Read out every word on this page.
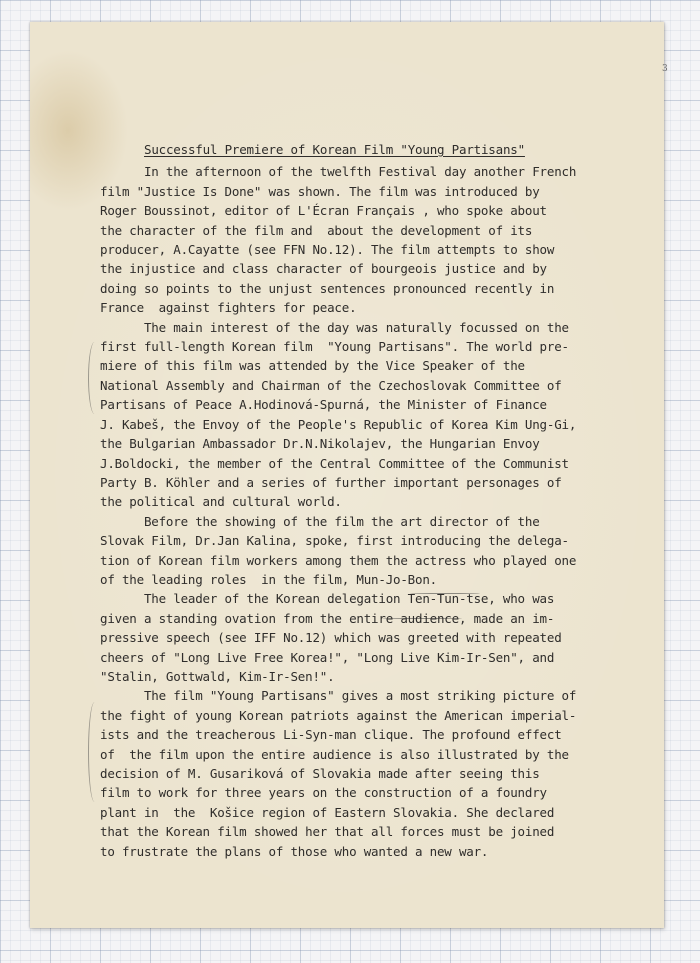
3
Successful Premiere of Korean Film "Young Partisans"
In the afternoon of the twelfth Festival day another French
film "Justice Is Done" was shown. The film was introduced by
Roger Boussinot, editor of L'Écran Français , who spoke about
the character of the film and  about the development of its
producer, A.Cayatte (see FFN No.12). The film attempts to show
the injustice and class character of bourgeois justice and by
doing so points to the unjust sentences pronounced recently in
France  against fighters for peace.
The main interest of the day was naturally focussed on the
first full-length Korean film  "Young Partisans". The world pre-
miere of this film was attended by the Vice Speaker of the
National Assembly and Chairman of the Czechoslovak Committee of
Partisans of Peace A.Hodinová-Spurná, the Minister of Finance
J. Kabeš, the Envoy of the People's Republic of Korea Kim Ung-Gi,
the Bulgarian Ambassador Dr.N.Nikolajev, the Hungarian Envoy
J.Boldocki, the member of the Central Committee of the Communist
Party B. Köhler and a series of further important personages of
the political and cultural world.
Before the showing of the film the art director of the
Slovak Film, Dr.Jan Kalina, spoke, first introducing the delega-
tion of Korean film workers among them the actress who played one
of the leading roles  in the film, Mun-Jo-Bon.
The leader of the Korean delegation Ten-Tun-tse, who was
given a standing ovation from the entire audience, made an im-
pressive speech (see IFF No.12) which was greeted with repeated
cheers of "Long Live Free Korea!", "Long Live Kim-Ir-Sen", and
"Stalin, Gottwald, Kim-Ir-Sen!".
The film "Young Partisans" gives a most striking picture of
the fight of young Korean patriots against the American imperial-
ists and the treacherous Li-Syn-man clique. The profound effect
of  the film upon the entire audience is also illustrated by the
decision of M. Gusariková of Slovakia made after seeing this
film to work for three years on the construction of a foundry
plant in  the  Košice region of Eastern Slovakia. She declared
that the Korean film showed her that all forces must be joined
to frustrate the plans of those who wanted a new war.
